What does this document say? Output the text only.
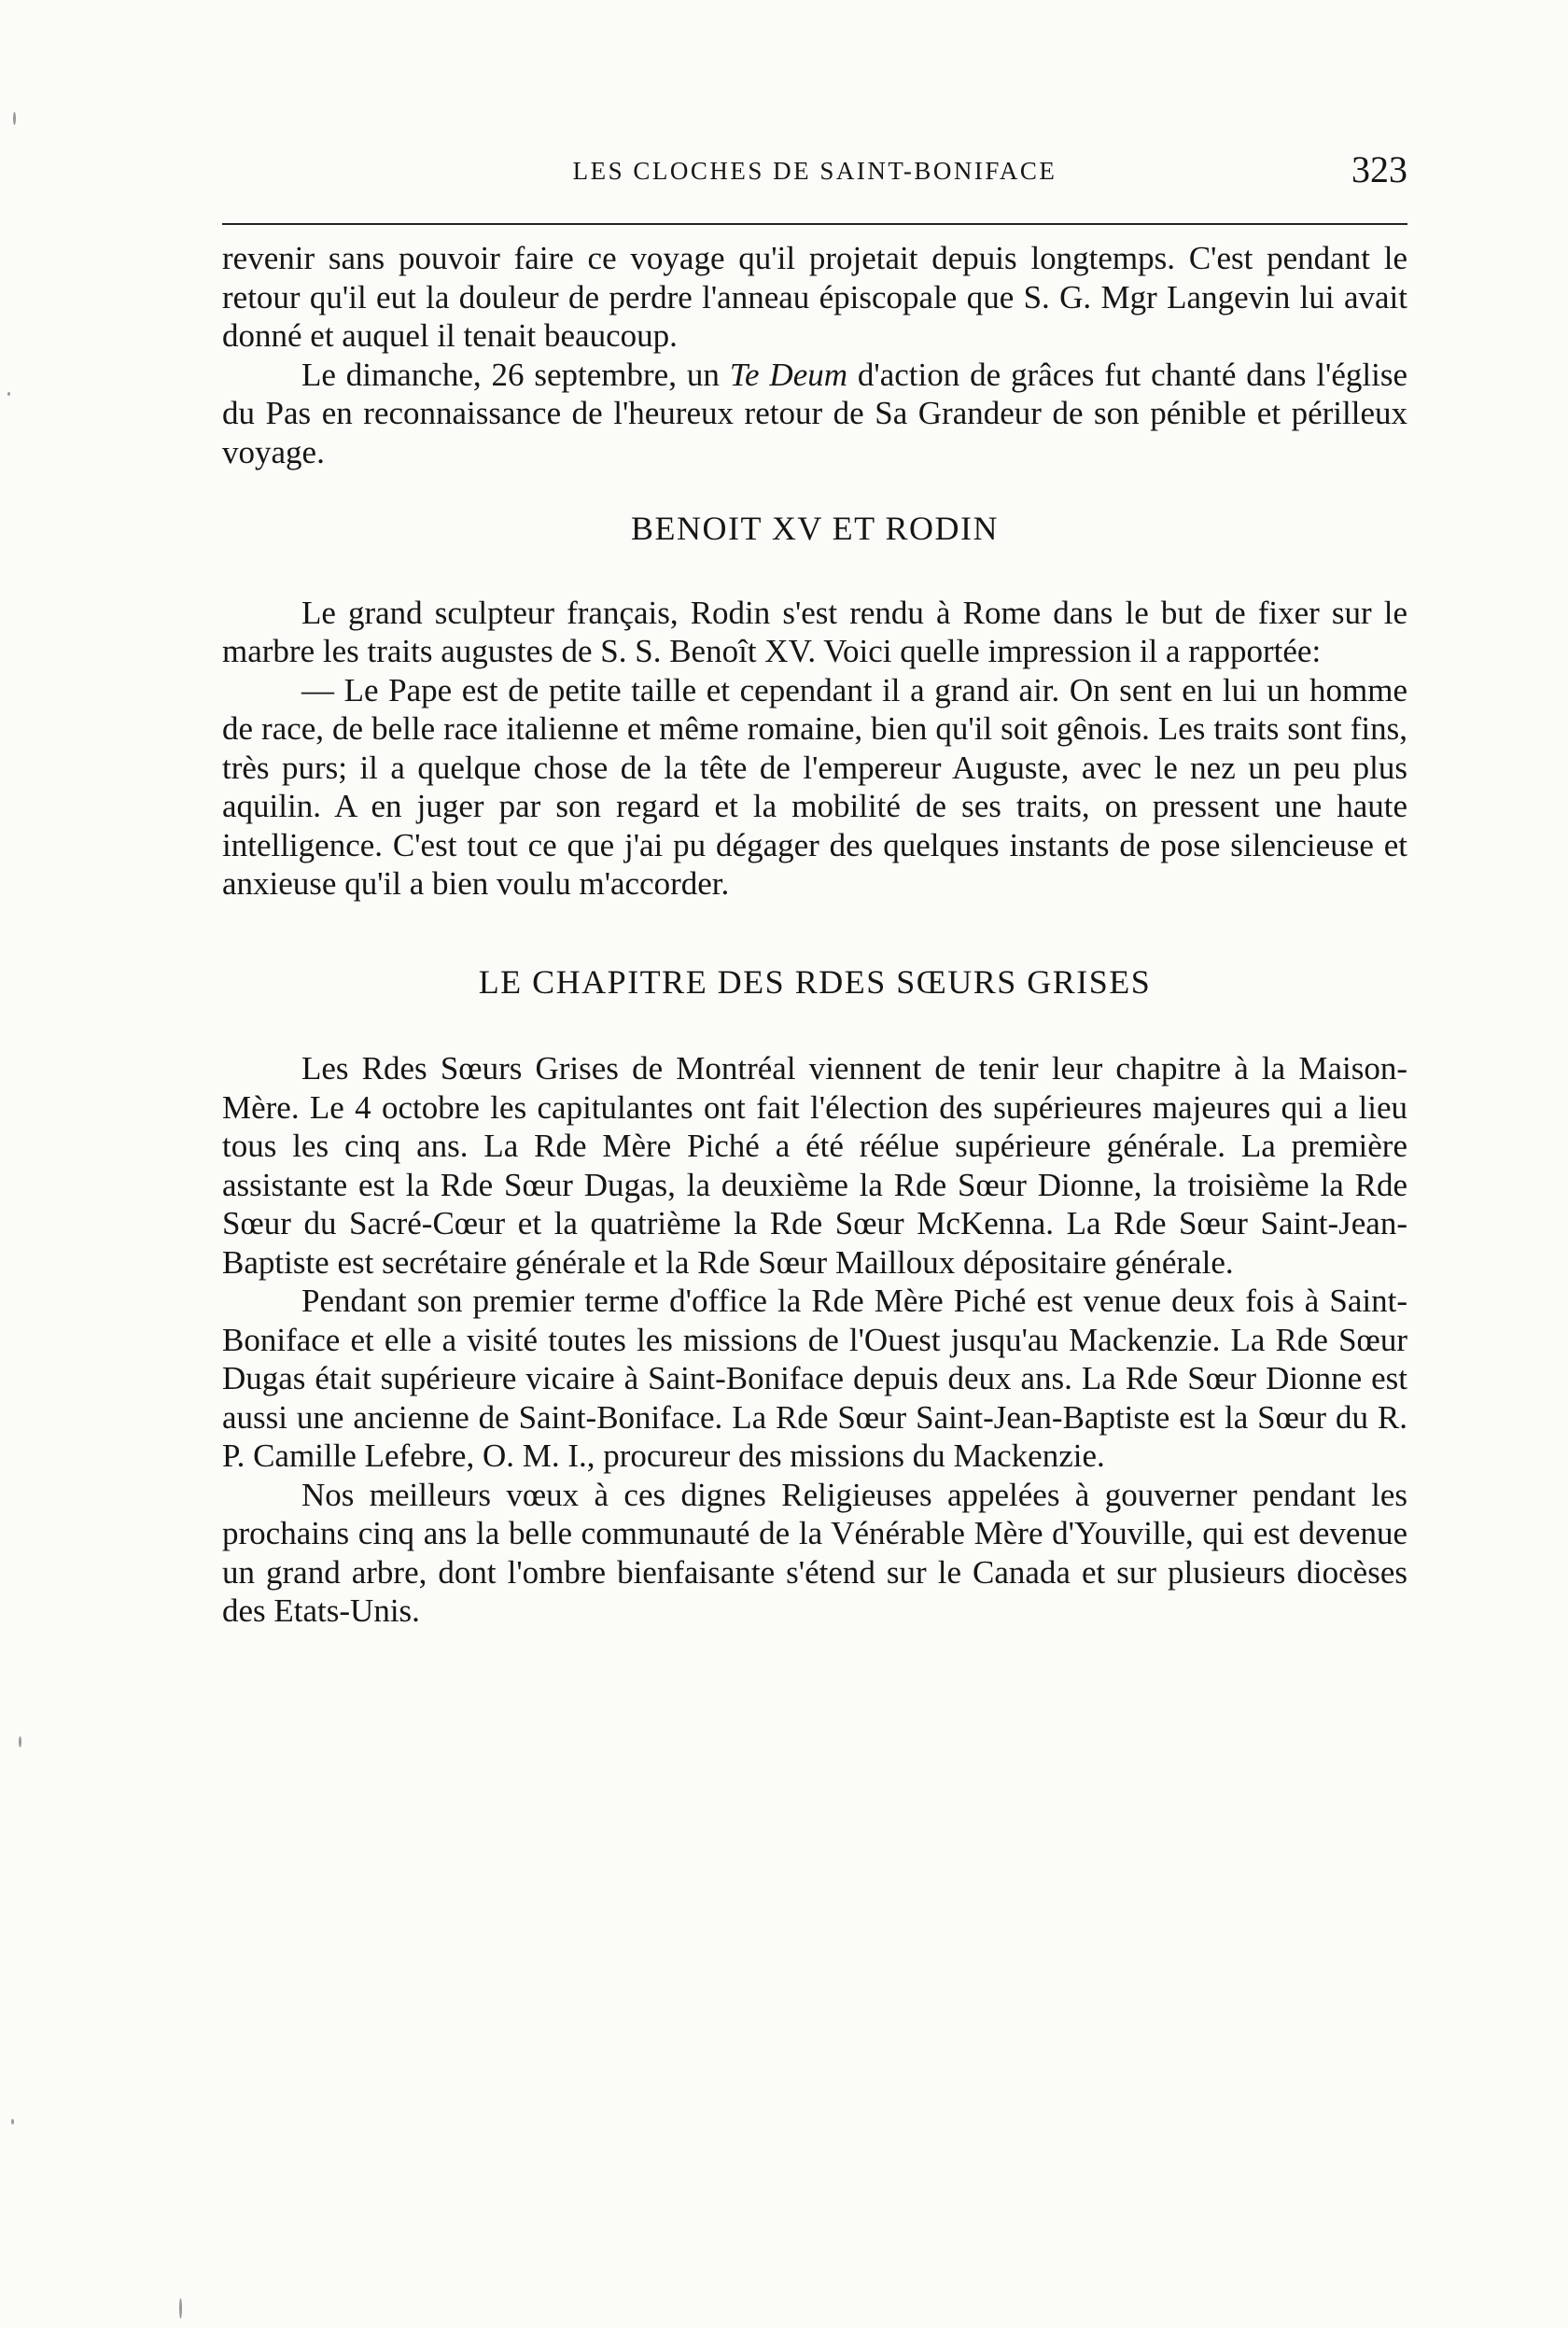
LES CLOCHES DE SAINT-BONIFACE	323

revenir sans pouvoir faire ce voyage qu'il projetait depuis longtemps. C'est pendant le retour qu'il eut la douleur de perdre l'anneau épiscopale que S. G. Mgr Langevin lui avait donné et auquel il tenait beaucoup.

Le dimanche, 26 septembre, un Te Deum d'action de grâces fut chanté dans l'église du Pas en reconnaissance de l'heureux retour de Sa Grandeur de son pénible et périlleux voyage.

BENOIT XV ET RODIN

Le grand sculpteur français, Rodin s'est rendu à Rome dans le but de fixer sur le marbre les traits augustes de S. S. Benoît XV. Voici quelle impression il a rapportée:

— Le Pape est de petite taille et cependant il a grand air. On sent en lui un homme de race, de belle race italienne et même romaine, bien qu'il soit gênois. Les traits sont fins, très purs; il a quelque chose de la tête de l'empereur Auguste, avec le nez un peu plus aquilin. A en juger par son regard et la mobilité de ses traits, on pressent une haute intelligence. C'est tout ce que j'ai pu dégager des quelques instants de pose silencieuse et anxieuse qu'il a bien voulu m'accorder.

LE CHAPITRE DES RDES SŒURS GRISES

Les Rdes Sœurs Grises de Montréal viennent de tenir leur chapitre à la Maison-Mère. Le 4 octobre les capitulantes ont fait l'élection des supérieures majeures qui a lieu tous les cinq ans. La Rde Mère Piché a été réélue supérieure générale. La première assistante est la Rde Sœur Dugas, la deuxième la Rde Sœur Dionne, la troisième la Rde Sœur du Sacré-Cœur et la quatrième la Rde Sœur McKenna. La Rde Sœur Saint-Jean-Baptiste est secrétaire générale et la Rde Sœur Mailloux dépositaire générale.

Pendant son premier terme d'office la Rde Mère Piché est venue deux fois à Saint-Boniface et elle a visité toutes les missions de l'Ouest jusqu'au Mackenzie. La Rde Sœur Dugas était supérieure vicaire à Saint-Boniface depuis deux ans. La Rde Sœur Dionne est aussi une ancienne de Saint-Boniface. La Rde Sœur Saint-Jean-Baptiste est la Sœur du R. P. Camille Lefebre, O. M. I., procureur des missions du Mackenzie.

Nos meilleurs vœux à ces dignes Religieuses appelées à gouverner pendant les prochains cinq ans la belle communauté de la Vénérable Mère d'Youville, qui est devenue un grand arbre, dont l'ombre bienfaisante s'étend sur le Canada et sur plusieurs diocèses des Etats-Unis.
